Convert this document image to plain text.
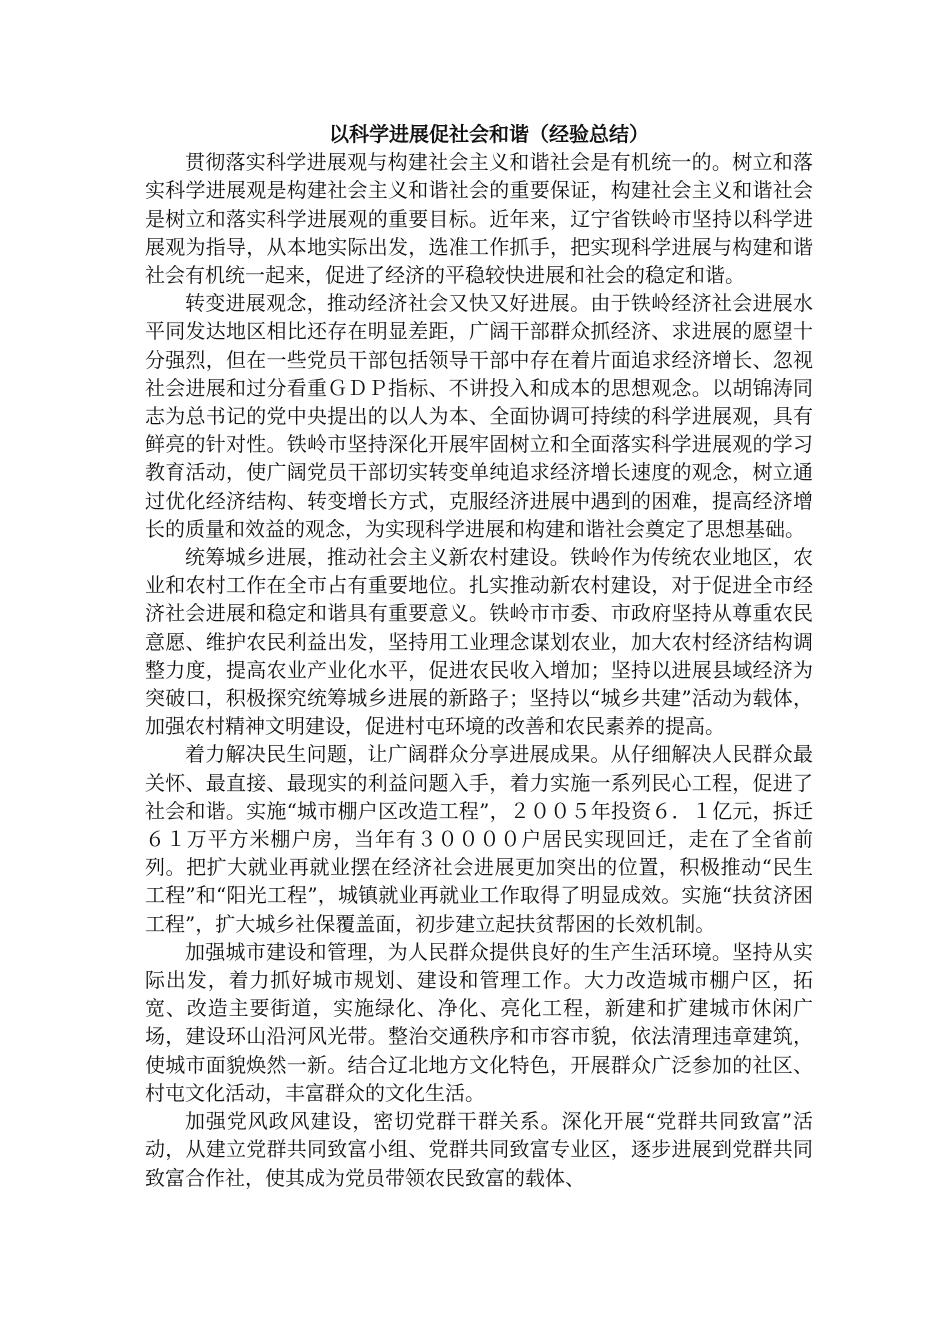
以科学进展促社会和谐（经验总结）

贯彻落实科学进展观与构建社会主义和谐社会是有机统一的。树立和落实科学进展观是构建社会主义和谐社会的重要保证，构建社会主义和谐社会是树立和落实科学进展观的重要目标。近年来，辽宁省铁岭市坚持以科学进展观为指导，从本地实际出发，选准工作抓手，把实现科学进展与构建和谐社会有机统一起来，促进了经济的平稳较快进展和社会的稳定和谐。

转变进展观念，推动经济社会又快又好进展。由于铁岭经济社会进展水平同发达地区相比还存在明显差距，广阔干部群众抓经济、求进展的愿望十分强烈，但在一些党员干部包括领导干部中存在着片面追求经济增长、忽视社会进展和过分看重ＧＤＰ指标、不讲投入和成本的思想观念。以胡锦涛同志为总书记的党中央提出的以人为本、全面协调可持续的科学进展观，具有鲜亮的针对性。铁岭市坚持深化开展牢固树立和全面落实科学进展观的学习教育活动，使广阔党员干部切实转变单纯追求经济增长速度的观念，树立通过优化经济结构、转变增长方式，克服经济进展中遇到的困难，提高经济增长的质量和效益的观念，为实现科学进展和构建和谐社会奠定了思想基础。

统筹城乡进展，推动社会主义新农村建设。铁岭作为传统农业地区，农业和农村工作在全市占有重要地位。扎实推动新农村建设，对于促进全市经济社会进展和稳定和谐具有重要意义。铁岭市市委、市政府坚持从尊重农民意愿、维护农民利益出发，坚持用工业理念谋划农业，加大农村经济结构调整力度，提高农业产业化水平，促进农民收入增加；坚持以进展县域经济为突破口，积极探究统筹城乡进展的新路子；坚持以“城乡共建”活动为载体，加强农村精神文明建设，促进村屯环境的改善和农民素养的提高。

着力解决民生问题，让广阔群众分享进展成果。从仔细解决人民群众最关怀、最直接、最现实的利益问题入手，着力实施一系列民心工程，促进了社会和谐。实施“城市棚户区改造工程”，２００５年投资６．１亿元，拆迁６１万平方米棚户房，当年有３００００户居民实现回迁，走在了全省前列。把扩大就业再就业摆在经济社会进展更加突出的位置，积极推动“民生工程”和“阳光工程”，城镇就业再就业工作取得了明显成效。实施“扶贫济困工程”，扩大城乡社保覆盖面，初步建立起扶贫帮困的长效机制。

加强城市建设和管理，为人民群众提供良好的生产生活环境。坚持从实际出发，着力抓好城市规划、建设和管理工作。大力改造城市棚户区，拓宽、改造主要街道，实施绿化、净化、亮化工程，新建和扩建城市休闲广场，建设环山沿河风光带。整治交通秩序和市容市貌，依法清理违章建筑，使城市面貌焕然一新。结合辽北地方文化特色，开展群众广泛参加的社区、村屯文化活动，丰富群众的文化生活。

加强党风政风建设，密切党群干群关系。深化开展“党群共同致富”活动，从建立党群共同致富小组、党群共同致富专业区，逐步进展到党群共同致富合作社，使其成为党员带领农民致富的载体、
